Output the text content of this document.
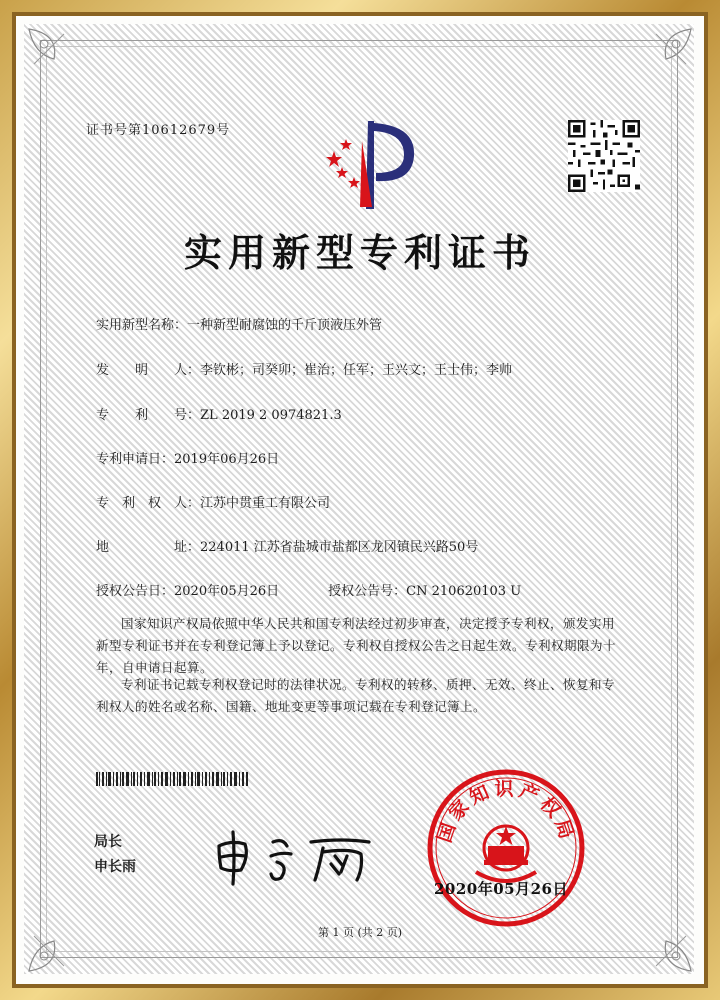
证书号第10612679号
实用新型专利证书
实用新型名称：一种新型耐腐蚀的千斤顶液压外管
发　　明　　人：李钦彬；司癸卯；崔治；任军；王兴文；王士伟；李帅
专　　利　　号：ZL 2019 2 0974821.3
专利申请日：2019年06月26日
专　利　权　人：江苏中贯重工有限公司
地　　　　　址：224011 江苏省盐城市盐都区龙冈镇民兴路50号
授权公告日：2020年05月26日	授权公告号：CN 210620103 U
国家知识产权局依照中华人民共和国专利法经过初步审查，决定授予专利权，颁发实用新型专利证书并在专利登记簿上予以登记。专利权自授权公告之日起生效。专利权期限为十年，自申请日起算。
专利证书记载专利权登记时的法律状况。专利权的转移、质押、无效、终止、恢复和专利权人的姓名或名称、国籍、地址变更等事项记载在专利登记簿上。
局长
申长雨
国家知识产权局
2020年05月26日
第 1 页 (共 2 页)
